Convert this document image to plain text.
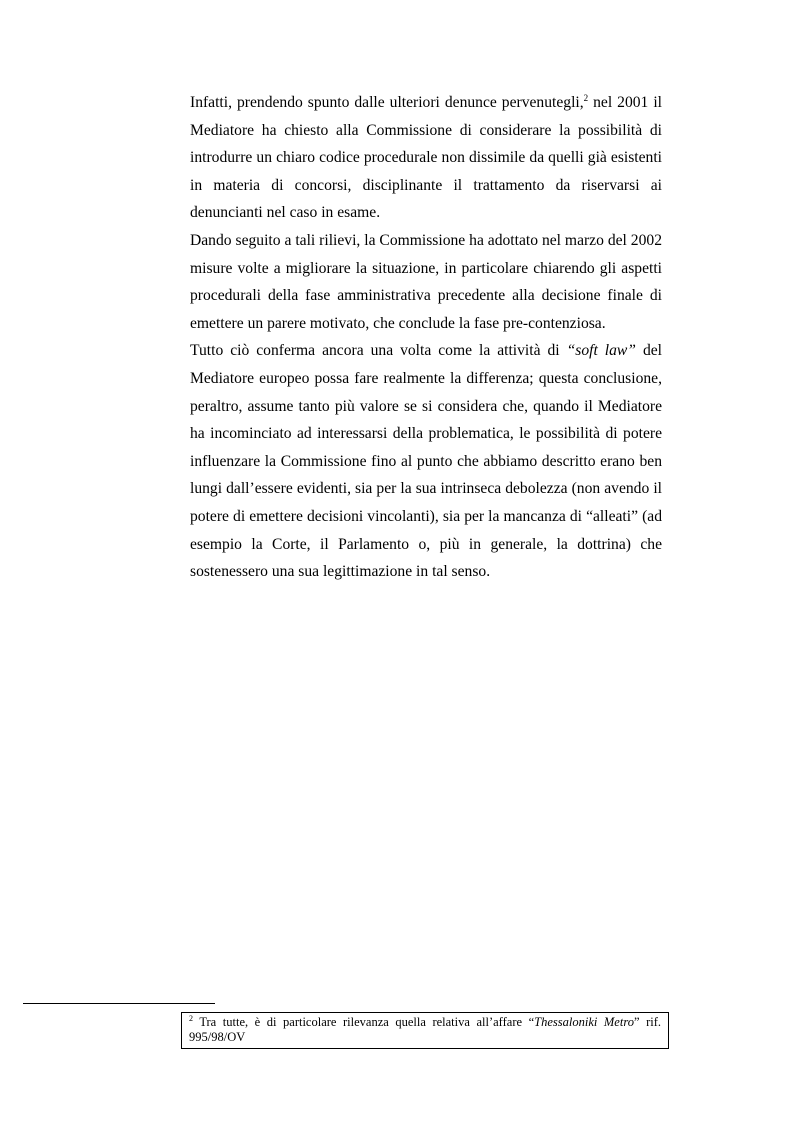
Infatti, prendendo spunto dalle ulteriori denunce pervenutegli,$^2$ nel 2001 il Mediatore ha chiesto alla Commissione di considerare la possibilità di introdurre un chiaro codice procedurale non dissimile da quelli già esistenti in materia di concorsi, disciplinante il trattamento da riservarsi ai denuncianti nel caso in esame.

Dando seguito a tali rilievi, la Commissione ha adottato nel marzo del 2002 misure volte a migliorare la situazione, in particolare chiarendo gli aspetti procedurali della fase amministrativa precedente alla decisione finale di emettere un parere motivato, che conclude la fase pre-contenziosa.

Tutto ciò conferma ancora una volta come la attività di “soft law” del Mediatore europeo possa fare realmente la differenza; questa conclusione, peraltro, assume tanto più valore se si considera che, quando il Mediatore ha incominciato ad interessarsi della problematica, le possibilità di potere influenzare la Commissione fino al punto che abbiamo descritto erano ben lungi dall’essere evidenti, sia per la sua intrinseca debolezza (non avendo il potere di emettere decisioni vincolanti), sia per la mancanza di “alleati” (ad esempio la Corte, il Parlamento o, più in generale, la dottrina) che sostenessero una sua legittimazione in tal senso.

$^2$ Tra tutte, è di particolare rilevanza quella relativa all’affare “Thessaloniki Metro” rif. 995/98/OV
